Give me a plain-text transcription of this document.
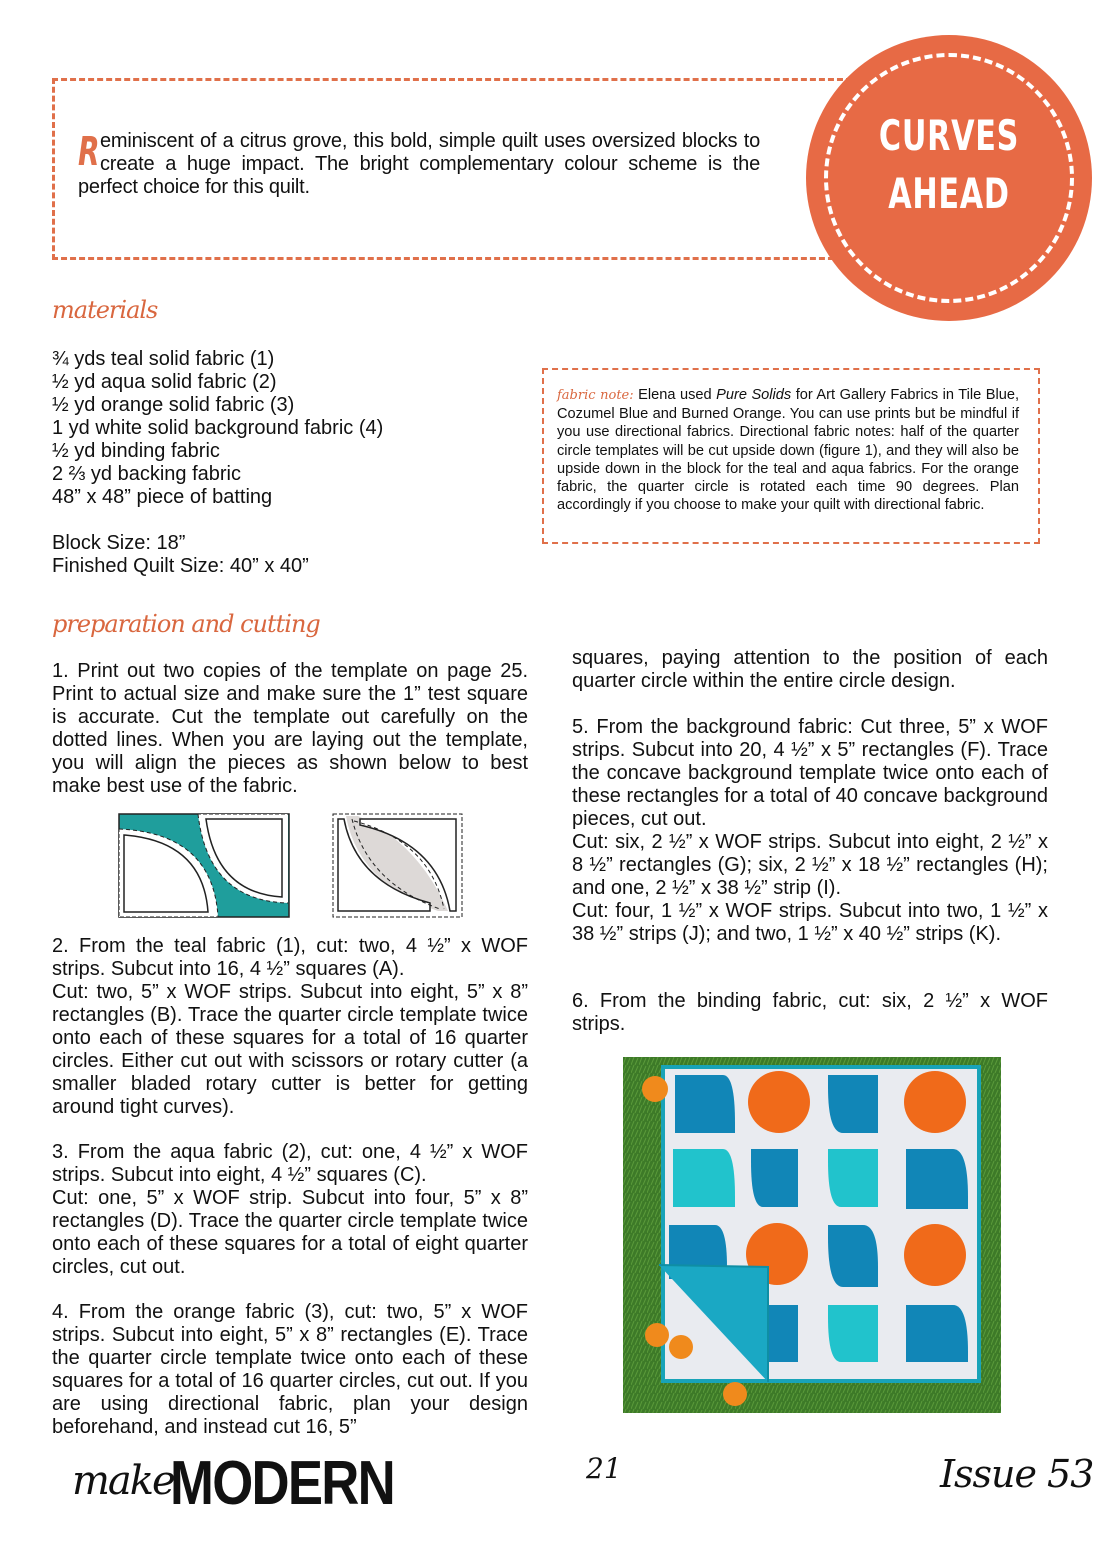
Reminiscent of a citrus grove, this bold, simple quilt uses oversized blocks to create a huge impact. The bright complementary colour scheme is the perfect choice for this quilt.
CURVES
AHEAD
materials
¾ yds teal solid fabric (1)
½ yd aqua solid fabric (2)
½ yd orange solid fabric (3)
1 yd white solid background fabric (4)
½ yd binding fabric
2 ⅔ yd backing fabric
48” x 48” piece of batting
Block Size: 18”
Finished Quilt Size: 40” x 40”
fabric note: Elena used Pure Solids for Art Gallery Fabrics in Tile Blue, Cozumel Blue and Burned Orange. You can use prints but be mindful if you use directional fabrics. Directional fabric notes: half of the quarter circle templates will be cut upside down (figure 1), and they will also be upside down in the block for the teal and aqua fabrics. For the orange fabric, the quarter circle is rotated each time 90 degrees. Plan accordingly if you choose to make your quilt with directional fabric.
preparation and cutting

1. Print out two copies of the template on page 25. Print to actual size and make sure the 1” test square is accurate. Cut the template out carefully on the dotted lines. When you are laying out the template, you will align the pieces as shown below to best make best use of the fabric.

2. From the teal fabric (1), cut: two, 4 ½” x WOF strips. Subcut into 16, 4 ½” squares (A).

Cut: two, 5” x WOF strips. Subcut into eight, 5” x 8” rectangles (B). Trace the quarter circle template twice onto each of these squares for a total of 16 quarter circles. Either cut out with scissors or rotary cutter (a smaller bladed rotary cutter is better for getting around tight curves).

3. From the aqua fabric (2), cut: one, 4 ½” x WOF strips. Subcut into eight, 4 ½” squares (C).

Cut: one, 5” x WOF strip. Subcut into four, 5” x 8” rectangles (D). Trace the quarter circle template twice onto each of these squares for a total of eight quarter circles, cut out.

4. From the orange fabric (3), cut: two, 5” x WOF strips. Subcut into eight, 5” x 8” rectangles (E). Trace the quarter circle template twice onto each of these squares for a total of 16 quarter circles, cut out. If you are using directional fabric, plan your design beforehand, and instead cut 16, 5”

squares, paying attention to the position of each quarter circle within the entire circle design.

5. From the background fabric: Cut three, 5” x WOF strips. Subcut into 20, 4 ½” x 5” rectangles (F). Trace the concave background template twice onto each of these rectangles for a total of 40 concave background pieces, cut out.

Cut: six, 2 ½” x WOF strips. Subcut into eight, 2 ½” x 8 ½” rectangles (G); six, 2 ½” x 18 ½” rectangles (H); and one, 2 ½” x 38 ½” strip (I).

Cut: four, 1 ½” x WOF strips. Subcut into two, 1 ½” x 38 ½” strips (J); and two, 1 ½” x 40 ½” strips (K).

6. From the binding fabric, cut: six, 2 ½” x WOF strips.

make
MODERN	21	Issue 53
